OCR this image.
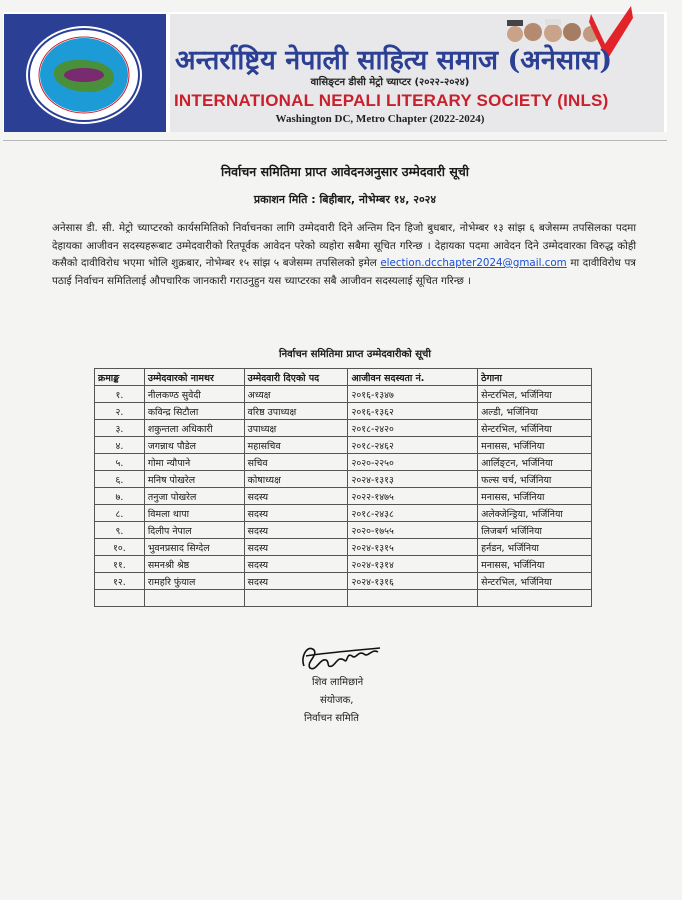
अन्तर्राष्ट्रिय नेपाली साहित्य समाज (अनेसास)
वासिङ्टन डीसी मेट्रो च्याप्टर (२०२२-२०२४)
INTERNATIONAL NEPALI LITERARY SOCIETY (INLS)
Washington DC, Metro Chapter (2022-2024)
निर्वाचन समितिमा प्राप्त आवेदनअनुसार उम्मेदवारी सूची
प्रकाशन मिति : बिहीबार, नोभेम्बर १४, २०२४
अनेसास डी. सी. मेट्रो च्याप्टरको कार्यसमितिको निर्वाचनका लागि उम्मेदवारी दिने अन्तिम दिन हिजो बुधबार, नोभेम्बर १३ सांझ ६ बजेसम्म तपसिलका पदमा देहायका आजीवन सदस्यहरूबाट उम्मेदवारीको रितपूर्वक आवेदन परेको व्यहोरा सबैमा सूचित गरिन्छ । देहायका पदमा आवेदन दिने उम्मेदवारका विरुद्ध कोही कसैको दावीविरोध भएमा भोलि शुक्रबार, नोभेम्बर १५ सांझ ५ बजेसम्म तपसिलको इमेल election.dcchapter2024@gmail.com मा दावीविरोध पत्र पठाई निर्वाचन समितिलाई औपचारिक जानकारी गराउनुहुन यस च्याप्टरका सबै आजीवन सदस्यलाई सूचित गरिन्छ ।
निर्वाचन समितिमा प्राप्त उम्मेदवारीको सूची
क्रमाङ्क	उम्मेदवारको नामथर	उम्मेदवारी दिएको पद	आजीवन सदस्यता नं.	ठेगाना
१.	नीलकण्ठ सुवेदी	अध्यक्ष	२०१६-१३४७	सेन्टरभिल, भर्जिनिया
२.	कविन्द्र सिटौला	वरिष्ठ उपाध्यक्ष	२०१६-१३६२	अल्डी, भर्जिनिया
३.	शकुन्तला अधिकारी	उपाध्यक्ष	२०१८-२४२०	सेन्टरभिल, भर्जिनिया
४.	जगन्नाथ पौडेल	महासचिव	२०१८-२४६२	मनासस, भर्जिनिया
५.	गोमा न्यौपाने	सचिव	२०२०-२२५०	आर्लिङ्टन, भर्जिनिया
६.	मनिष पोखरेल	कोषाध्यक्ष	२०२४-१३१३	फल्स चर्च, भर्जिनिया
७.	तनुजा पोखरेल	सदस्य	२०२२-१४७५	मनासस, भर्जिनिया
८.	विमला थापा	सदस्य	२०१८-२४३८	अलेक्जेन्ड्रिया, भर्जिनिया
९.	दिलीप नेपाल	सदस्य	२०२०-१७५५	लिजबर्ग भर्जिनिया
१०.	भुवनप्रसाद सिग्देल	सदस्य	२०२४-१३१५	हर्नडन, भर्जिनिया
११.	समनश्री श्रेष्ठ	सदस्य	२०२४-१३१४	मनासस, भर्जिनिया
१२.	रामहरि फुंयाल	सदस्य	२०२४-१३१६	सेन्टरभिल, भर्जिनिया

शिव लामिछाने
संयोजक,
निर्वाचन समिति
